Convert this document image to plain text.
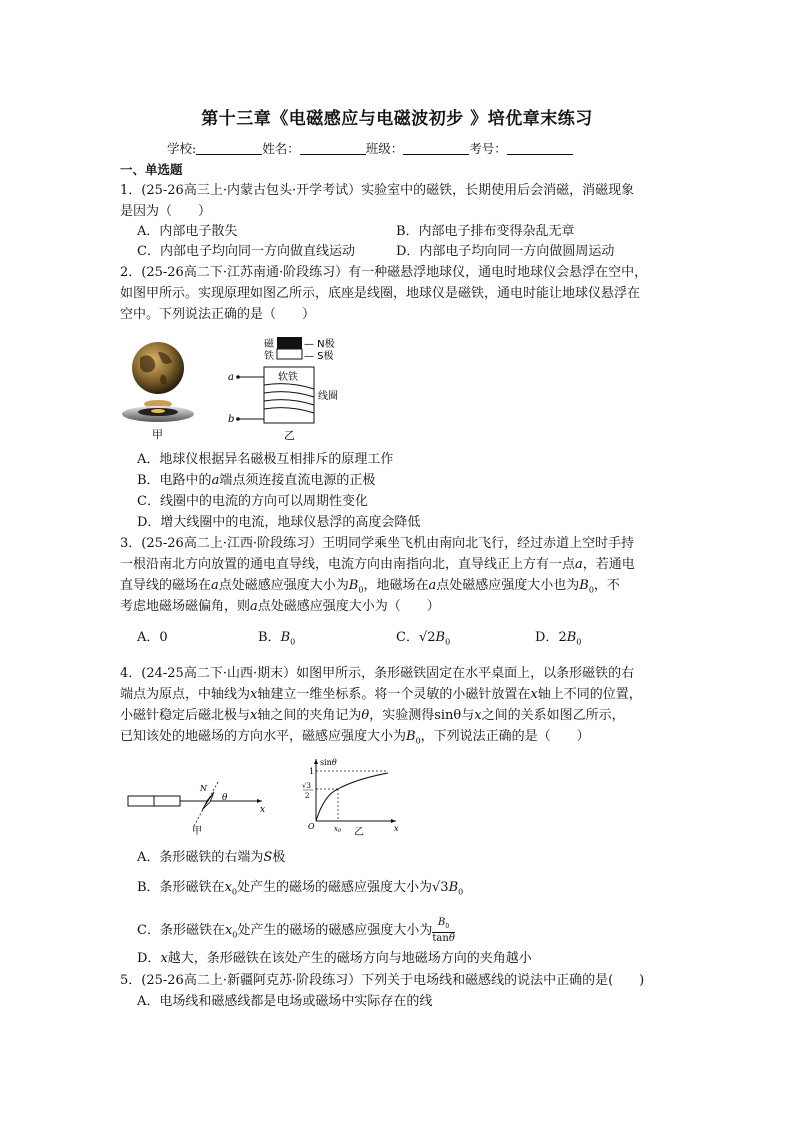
第十三章《电磁感应与电磁波初步 》培优章末练习
学校:	姓名：	班级：	考号：
一、单选题
1．(25-26高三上·内蒙古包头·开学考试）实验室中的磁铁，长期使用后会消磁，消磁现象
是因为（　　）
A．内部电子散失	B．内部电子排布变得杂乱无章
C．内部电子均向同一方向做直线运动	D．内部电子均向同一方向做圆周运动
2．(25-26高二下·江苏南通·阶段练习）有一种磁悬浮地球仪，通电时地球仪会悬浮在空中，
如图甲所示。实现原理如图乙所示，底座是线圈，地球仪是磁铁，通电时能让地球仪悬浮在
空中。下列说法正确的是（　　）
甲
磁
铁
— N极
— S极
软铁
a
b
线圈
乙
A．地球仪根据异名磁极互相排斥的原理工作
B．电路中的a端点须连接直流电源的正极
C．线圈中的电流的方向可以周期性变化
D．增大线圈中的电流，地球仪悬浮的高度会降低
3．(25-26高二上·江西·阶段练习）王明同学乘坐飞机由南向北飞行，经过赤道上空时手持
一根沿南北方向放置的通电直导线，电流方向由南指向北，直导线正上方有一点a，若通电
直导线的磁场在a点处磁感应强度大小为$B_0$，地磁场在a点处磁感应强度大小也为$B_0$，不
考虑地磁场磁偏角，则a点处磁感应强度大小为（　　）
A．0	B．$B_0$	C．$√2B_0$	D．$2B_0$
4．(24-25高二下·山西·期末）如图甲所示，条形磁铁固定在水平桌面上，以条形磁铁的右
端点为原点，中轴线为x轴建立一维坐标系。将一个灵敏的小磁针放置在x轴上不同的位置，
小磁针稳定后磁北极与x轴之间的夹角记为θ，实验测得sinθ与x之间的关系如图乙所示，
已知该处的地磁场的方向水平，磁感应强度大小为$B_0$，下列说法正确的是（　　）
x
N
θ
甲
sinθ
x
O
1
√3
2
x0 乙
A．条形磁铁的右端为S极
B．条形磁铁在$x_0$处产生的磁场的磁感应强度大小为$√3B_0$
C．条形磁铁在$x_0$处产生的磁场的磁感应强度大小为 $\frac{B_0}{\tan\theta}$
D．x越大，条形磁铁在该处产生的磁场方向与地磁场方向的夹角越小
5．(25-26高二上·新疆阿克苏·阶段练习）下列关于电场线和磁感线的说法中正确的是(　　)
A．电场线和磁感线都是电场或磁场中实际存在的线
